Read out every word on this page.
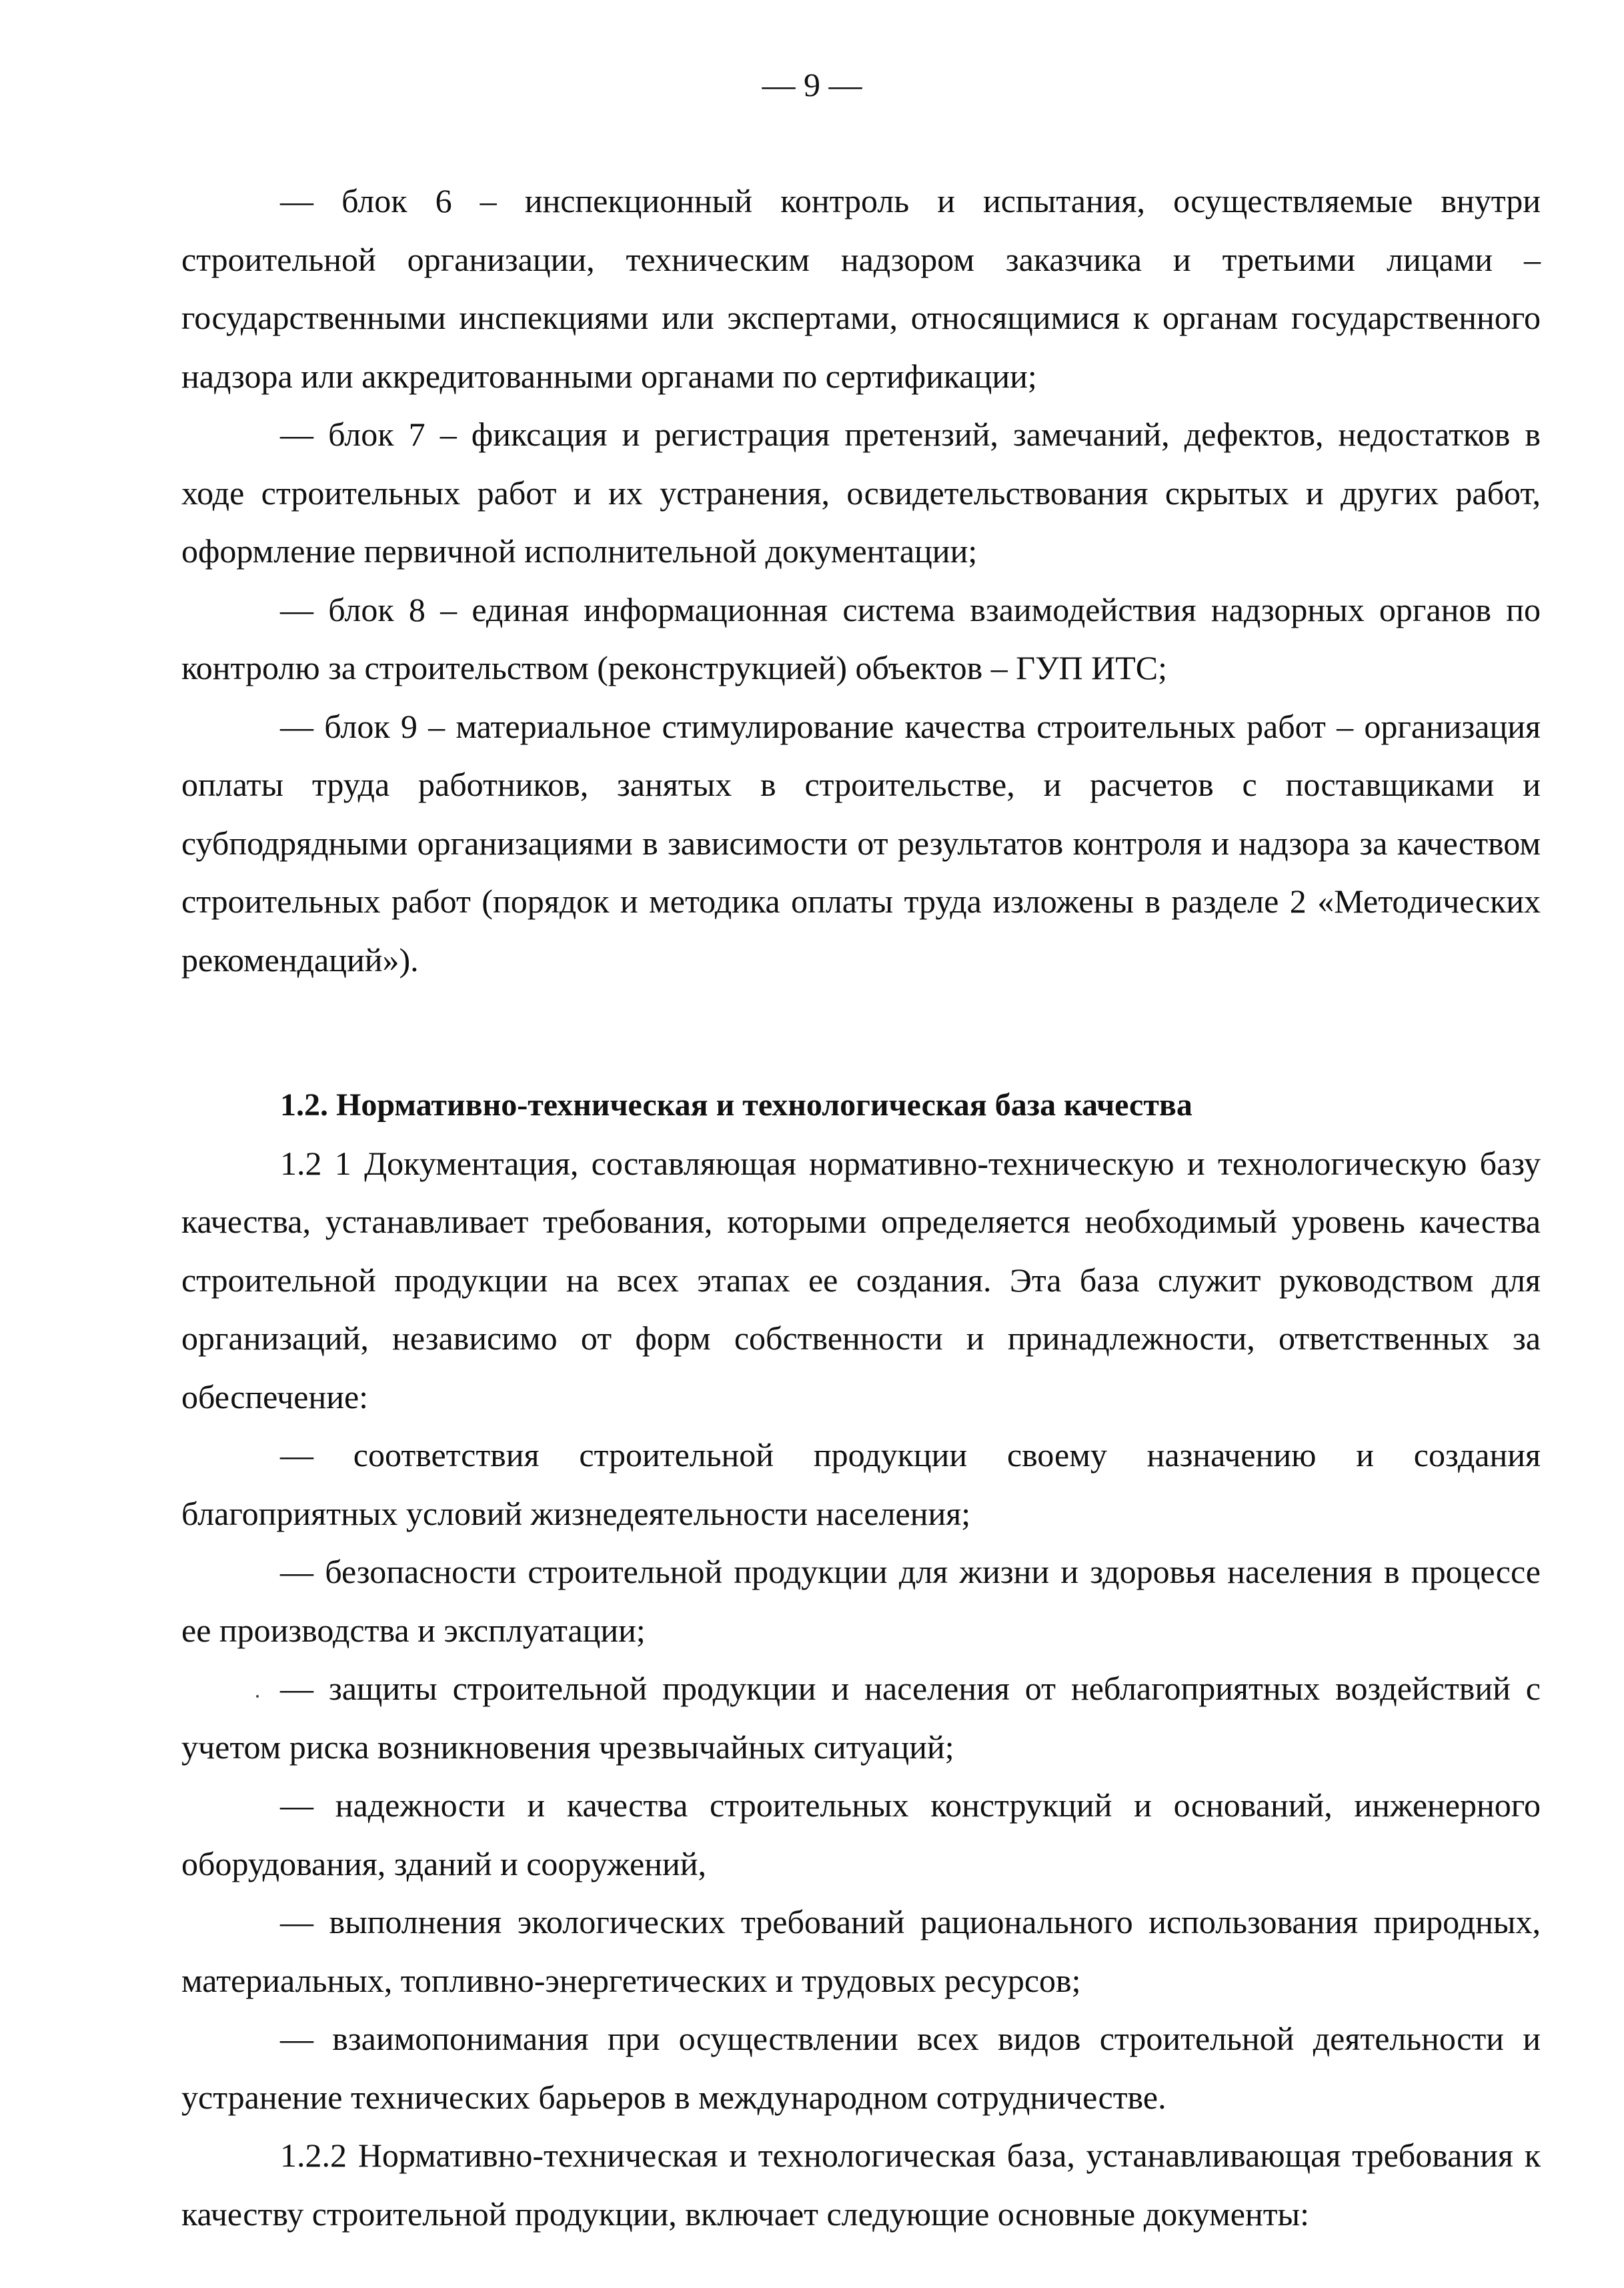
— 9 —

— блок 6 – инспекционный контроль и испытания, осуществляемые внутри строительной организации, техническим надзором заказчика и третьими лицами – государственными инспекциями или экспертами, относящимися к органам государственного надзора или аккредитованными органами по сертификации;

— блок 7 – фиксация и регистрация претензий, замечаний, дефектов, недостатков в ходе строительных работ и их устранения, освидетельствования скрытых и других работ, оформление первичной исполнительной документации;

— блок 8 – единая информационная система взаимодействия надзорных органов по контролю за строительством (реконструкцией) объектов – ГУП ИТС;

— блок 9 – материальное стимулирование качества строительных работ – организация оплаты труда работников, занятых в строительстве, и расчетов с поставщиками и субподрядными организациями в зависимости от результатов контроля и надзора за качеством строительных работ (порядок и методика оплаты труда изложены в разделе 2 «Методических рекомендаций»).

1.2. Нормативно-техническая и технологическая база качества

1.2 1 Документация, составляющая нормативно-техническую и технологическую базу качества, устанавливает требования, которыми определяется необходимый уровень качества строительной продукции на всех этапах ее создания. Эта база служит руководством для организаций, независимо от форм собственности и принадлежности, ответственных за обеспечение:

— соответствия строительной продукции своему назначению и создания благоприятных условий жизнедеятельности населения;

— безопасности строительной продукции для жизни и здоровья населения в процессе ее производства и эксплуатации;

— защиты строительной продукции и населения от неблагоприятных воздействий с учетом риска возникновения чрезвычайных ситуаций;

— надежности и качества строительных конструкций и оснований, инженерного оборудования, зданий и сооружений,

— выполнения экологических требований рационального использования природных, материальных, топливно-энергетических и трудовых ресурсов;

— взаимопонимания при осуществлении всех видов строительной деятельности и устранение технических барьеров в международном сотрудничестве.

1.2.2 Нормативно-техническая и технологическая база, устанавливающая требования к качеству строительной продукции, включает следующие основные документы:
